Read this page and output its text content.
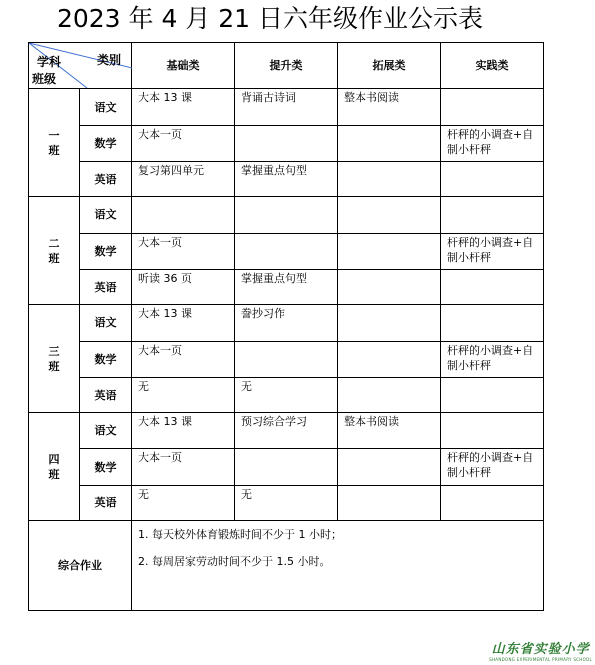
2023 年 4 月 21 日六年级作业公示表
类别
学科
班级		基础类	提升类	拓展类	实践类

一
班	语文	大本 13 课	背诵古诗词	整本书阅读	
	数学	大本一页			杆秤的小调查+自制小杆秤
	英语	复习第四单元	掌握重点句型		

二
班	语文				
	数学	大本一页			杆秤的小调查+自制小杆秤
	英语	听读 36 页	掌握重点句型		

三
班	语文	大本 13 课	誊抄习作		
	数学	大本一页			杆秤的小调查+自制小杆秤
	英语	无	无		

四
班	语文	大本 13 课	预习综合学习	整本书阅读	
	数学	大本一页			杆秤的小调查+自制小杆秤
	英语	无	无		
综合作业		1. 每天校外体育锻炼时间不少于 1 小时；
2. 每周居家劳动时间不少于 1.5 小时。			
山东省实验小学
SHANDONG EXPERIMENTAL PRIMARY SCHOOL
